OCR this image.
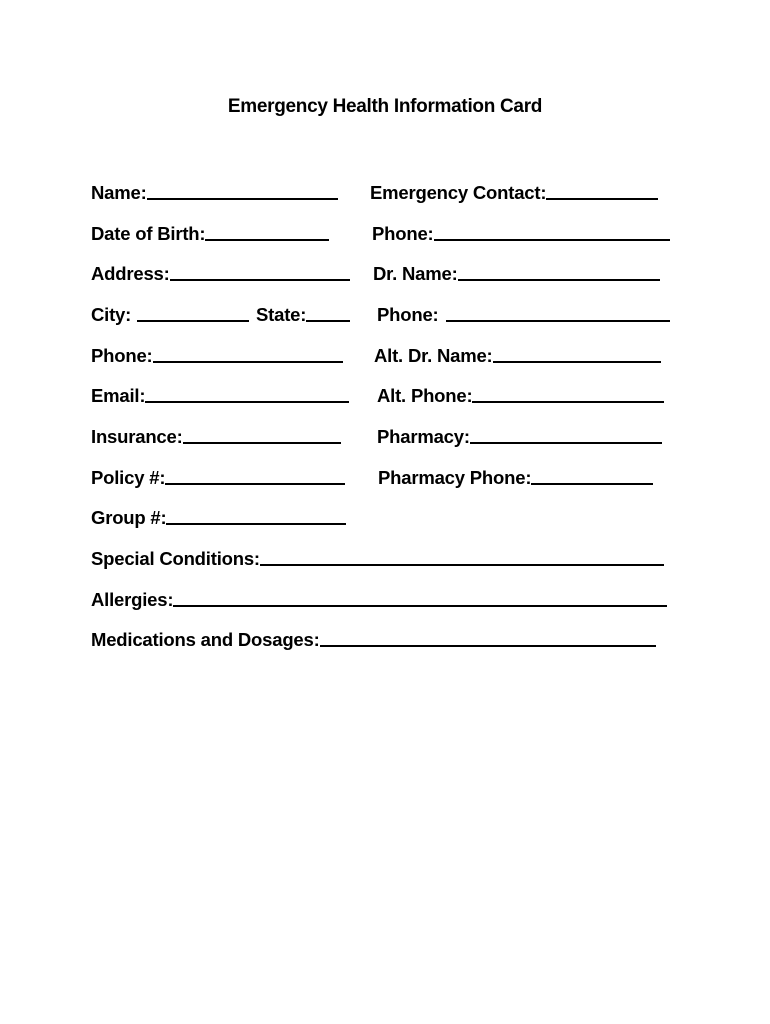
Emergency Health Information Card
Name:
Date of Birth:
Address:
City:	State:
Phone:
Email:
Insurance:
Policy #:
Group #:
Emergency Contact:
Phone:
Dr. Name:
Phone:
Alt. Dr. Name:
Alt. Phone:
Pharmacy:
Pharmacy Phone:
Special Conditions:
Allergies:
Medications and Dosages:
